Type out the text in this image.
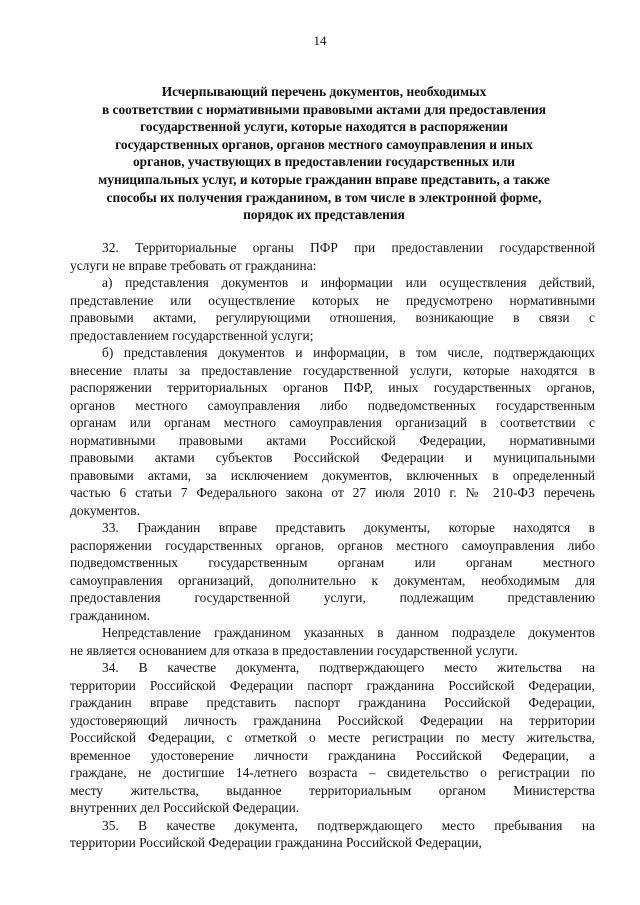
14
Исчерпывающий перечень документов, необходимых
в соответствии с нормативными правовыми актами для предоставления
государственной услуги, которые находятся в распоряжении
государственных органов, органов местного самоуправления и иных
органов, участвующих в предоставлении государственных или
муниципальных услуг, и которые гражданин вправе представить, а также
способы их получения гражданином, в том числе в электронной форме,
порядок их представления
32. Территориальные органы ПФР при предоставлении государственной
услуги не вправе требовать от гражданина:
а) представления документов и информации или осуществления действий,
представление или осуществление которых не предусмотрено нормативными
правовыми актами, регулирующими отношения, возникающие в связи с
предоставлением государственной услуги;
б) представления документов и информации, в том числе, подтверждающих
внесение платы за предоставление государственной услуги, которые находятся в
распоряжении территориальных органов ПФР, иных государственных органов,
органов местного самоуправления либо подведомственных государственным
органам или органам местного самоуправления организаций в соответствии с
нормативными правовыми актами Российской Федерации, нормативными
правовыми актами субъектов Российской Федерации и муниципальными
правовыми актами, за исключением документов, включенных в определенный
частью 6 статьи 7 Федерального закона от 27 июля 2010 г. № 210-ФЗ перечень
документов.
33. Гражданин вправе представить документы, которые находятся в
распоряжении государственных органов, органов местного самоуправления либо
подведомственных государственным органам или органам местного
самоуправления организаций, дополнительно к документам, необходимым для
предоставления государственной услуги, подлежащим представлению
гражданином.
Непредставление гражданином указанных в данном подразделе документов
не является основанием для отказа в предоставлении государственной услуги.
34. В качестве документа, подтверждающего место жительства на
территории Российской Федерации паспорт гражданина Российской Федерации,
гражданин вправе представить паспорт гражданина Российской Федерации,
удостоверяющий личность гражданина Российской Федерации на территории
Российской Федерации, с отметкой о месте регистрации по месту жительства,
временное удостоверение личности гражданина Российской Федерации, а
граждане, не достигшие 14-летнего возраста – свидетельство о регистрации по
месту жительства, выданное территориальным органом Министерства
внутренних дел Российской Федерации.
35. В качестве документа, подтверждающего место пребывания на
территории Российской Федерации гражданина Российской Федерации,
